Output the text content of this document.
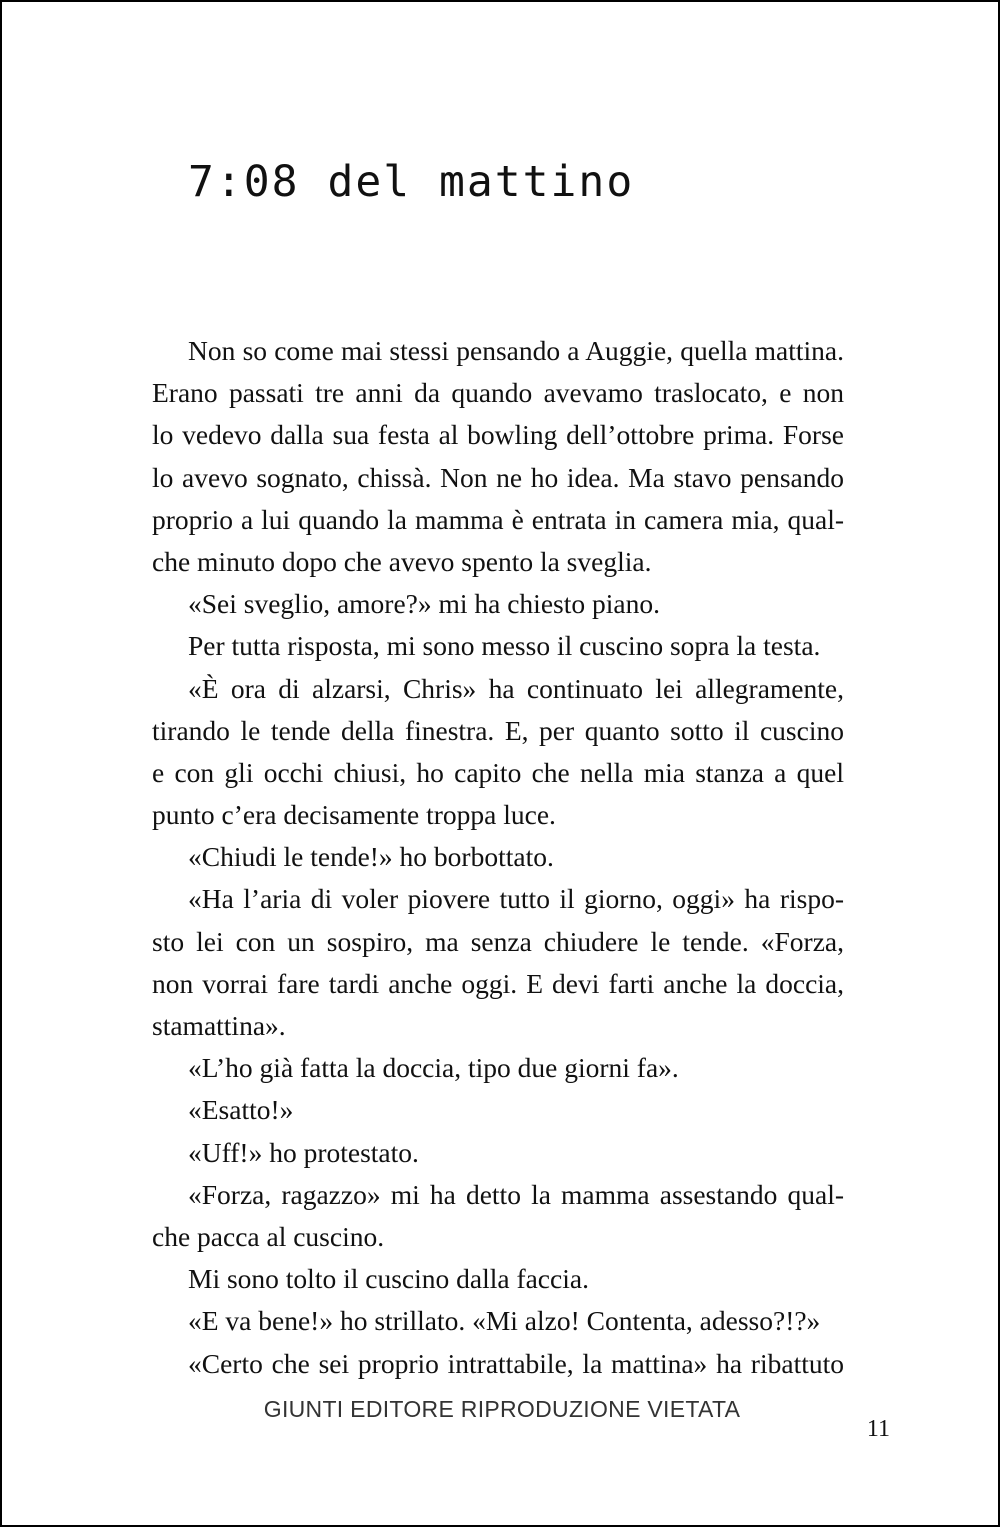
7:08 del mattino
Non so come mai stessi pensando a Auggie, quella mattina.
Erano passati tre anni da quando avevamo traslocato, e non
lo vedevo dalla sua festa al bowling dell’ottobre prima. Forse
lo avevo sognato, chissà. Non ne ho idea. Ma stavo pensando
proprio a lui quando la mamma è entrata in camera mia, qual-
che minuto dopo che avevo spento la sveglia.
«Sei sveglio, amore?» mi ha chiesto piano.
Per tutta risposta, mi sono messo il cuscino sopra la testa.
«È ora di alzarsi, Chris» ha continuato lei allegramente,
tirando le tende della finestra. E, per quanto sotto il cuscino
e con gli occhi chiusi, ho capito che nella mia stanza a quel
punto c’era decisamente troppa luce.
«Chiudi le tende!» ho borbottato.
«Ha l’aria di voler piovere tutto il giorno, oggi» ha rispo-
sto lei con un sospiro, ma senza chiudere le tende. «Forza,
non vorrai fare tardi anche oggi. E devi farti anche la doccia,
stamattina».
«L’ho già fatta la doccia, tipo due giorni fa».
«Esatto!»
«Uff!» ho protestato.
«Forza, ragazzo» mi ha detto la mamma assestando qual-
che pacca al cuscino.
Mi sono tolto il cuscino dalla faccia.
«E va bene!» ho strillato. «Mi alzo! Contenta, adesso?!?»
«Certo che sei proprio intrattabile, la mattina» ha ribattuto
GIUNTI EDITORE RIPRODUZIONE VIETATA
11
